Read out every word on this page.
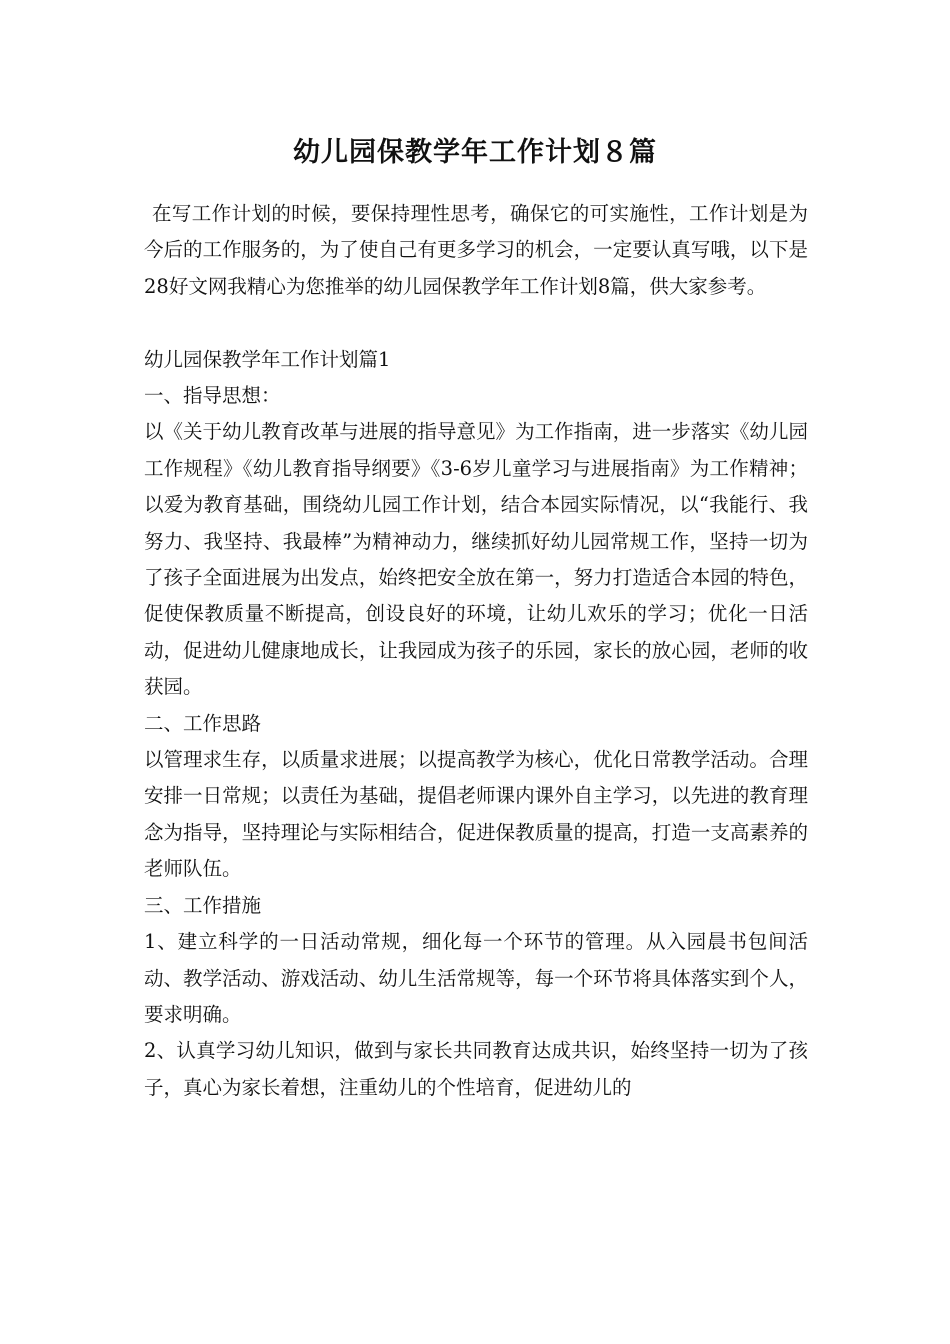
幼儿园保教学年工作计划８篇

在写工作计划的时候，要保持理性思考，确保它的可实施性，工作计划是为今后的工作服务的，为了使自己有更多学习的机会，一定要认真写哦，以下是28好文网我精心为您推举的幼儿园保教学年工作计划8篇，供大家参考。

幼儿园保教学年工作计划篇1

一、指导思想：

以《关于幼儿教育改革与进展的指导意见》为工作指南，进一步落实《幼儿园工作规程》《幼儿教育指导纲要》《3-6岁儿童学习与进展指南》为工作精神；以爱为教育基础，围绕幼儿园工作计划，结合本园实际情况，以“我能行、我努力、我坚持、我最棒”为精神动力，继续抓好幼儿园常规工作，坚持一切为了孩子全面进展为出发点，始终把安全放在第一，努力打造适合本园的特色，促使保教质量不断提高，创设良好的环境，让幼儿欢乐的学习；优化一日活动，促进幼儿健康地成长，让我园成为孩子的乐园，家长的放心园，老师的收获园。

二、工作思路

以管理求生存，以质量求进展；以提高教学为核心，优化日常教学活动。合理安排一日常规；以责任为基础，提倡老师课内课外自主学习，以先进的教育理念为指导，坚持理论与实际相结合，促进保教质量的提高，打造一支高素养的老师队伍。

三、工作措施

1、建立科学的一日活动常规，细化每一个环节的管理。从入园晨书包间活动、教学活动、游戏活动、幼儿生活常规等，每一个环节将具体落实到个人，要求明确。

2、认真学习幼儿知识，做到与家长共同教育达成共识，始终坚持一切为了孩子，真心为家长着想，注重幼儿的个性培育，促进幼儿的
